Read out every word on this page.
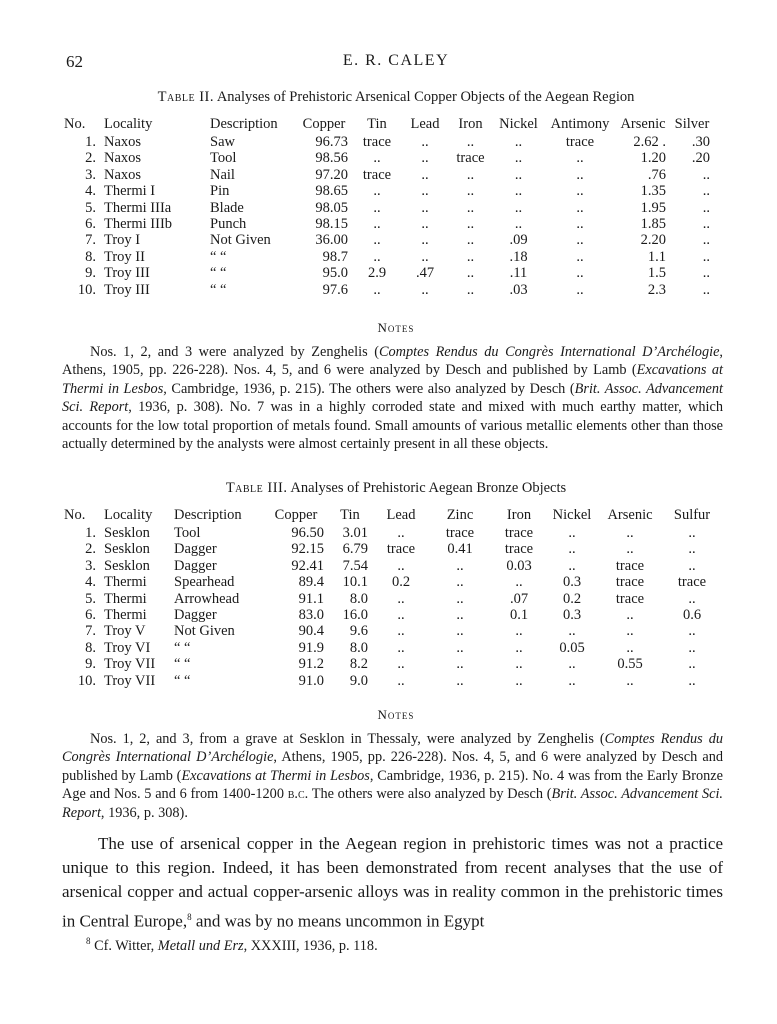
62	E. R. CALEY
Table II. Analyses of Prehistoric Arsenical Copper Objects of the Aegean Region
No.	Locality	Description	Copper	Tin	Lead	Iron	Nickel	Antimony	Arsenic	Silver
1.	Naxos	Saw	96.73	trace	..	..	..	trace	2.62 .	.30
2.	Naxos	Tool	98.56	..	..	trace	..	..	1.20	.20
3.	Naxos	Nail	97.20	trace	..	..	..	..	.76	..
4.	Thermi I	Pin	98.65	..	..	..	..	..	1.35	..
5.	Thermi IIIa	Blade	98.05	..	..	..	..	..	1.95	..
6.	Thermi IIIb	Punch	98.15	..	..	..	..	..	1.85	..
7.	Troy I	Not Given	36.00	..	..	..	.09	..	2.20	..
8.	Troy II	“ “	98.7	..	..	..	.18	..	1.1	..
9.	Troy III	“ “	95.0	2.9	.47	..	.11	..	1.5	..
10.	Troy III	“ “	97.6	..	..	..	.03	..	2.3	..
Notes

Nos. 1, 2, and 3 were analyzed by Zenghelis (Comptes Rendus du Congrès International D’Archélogie, Athens, 1905, pp. 226-228). Nos. 4, 5, and 6 were analyzed by Desch and published by Lamb (Excavations at Thermi in Lesbos, Cambridge, 1936, p. 215). The others were also analyzed by Desch (Brit. Assoc. Advancement Sci. Report, 1936, p. 308). No. 7 was in a highly corroded state and mixed with much earthy matter, which accounts for the low total proportion of metals found. Small amounts of various metallic elements other than those actually determined by the analysts were almost certainly present in all these objects.

Table III. Analyses of Prehistoric Aegean Bronze Objects
No.	Locality	Description	Copper	Tin	Lead	Zinc	Iron	Nickel	Arsenic	Sulfur
1.	Sesklon	Tool	96.50	3.01	..	trace	trace	..	..	..
2.	Sesklon	Dagger	92.15	6.79	trace	0.41	trace	..	..	..
3.	Sesklon	Dagger	92.41	7.54	..	..	0.03	..	trace	..
4.	Thermi	Spearhead	89.4	10.1	0.2	..	..	0.3	trace	trace
5.	Thermi	Arrowhead	91.1	8.0	..	..	.07	0.2	trace	..
6.	Thermi	Dagger	83.0	16.0	..	..	0.1	0.3	..	0.6
7.	Troy V	Not Given	90.4	9.6	..	..	..	..	..	..
8.	Troy VI	“ “	91.9	8.0	..	..	..	0.05	..	..
9.	Troy VII	“ “	91.2	8.2	..	..	..	..	0.55	..
10.	Troy VII	“ “	91.0	9.0	..	..	..	..	..	..
Notes

Nos. 1, 2, and 3, from a grave at Sesklon in Thessaly, were analyzed by Zenghelis (Comptes Rendus du Congrès International D’Archélogie, Athens, 1905, pp. 226-228). Nos. 4, 5, and 6 were analyzed by Desch and published by Lamb (Excavations at Thermi in Lesbos, Cambridge, 1936, p. 215). No. 4 was from the Early Bronze Age and Nos. 5 and 6 from 1400-1200 b.c. The others were also analyzed by Desch (Brit. Assoc. Advancement Sci. Report, 1936, p. 308).

The use of arsenical copper in the Aegean region in prehistoric times was not a practice unique to this region. Indeed, it has been demonstrated from recent analyses that the use of arsenical copper and actual copper-arsenic alloys was in reality common in the prehistoric times in Central Europe,$^8$ and was by no means uncommon in Egypt

$^8$ Cf. Witter, Metall und Erz, XXXIII, 1936, p. 118.
